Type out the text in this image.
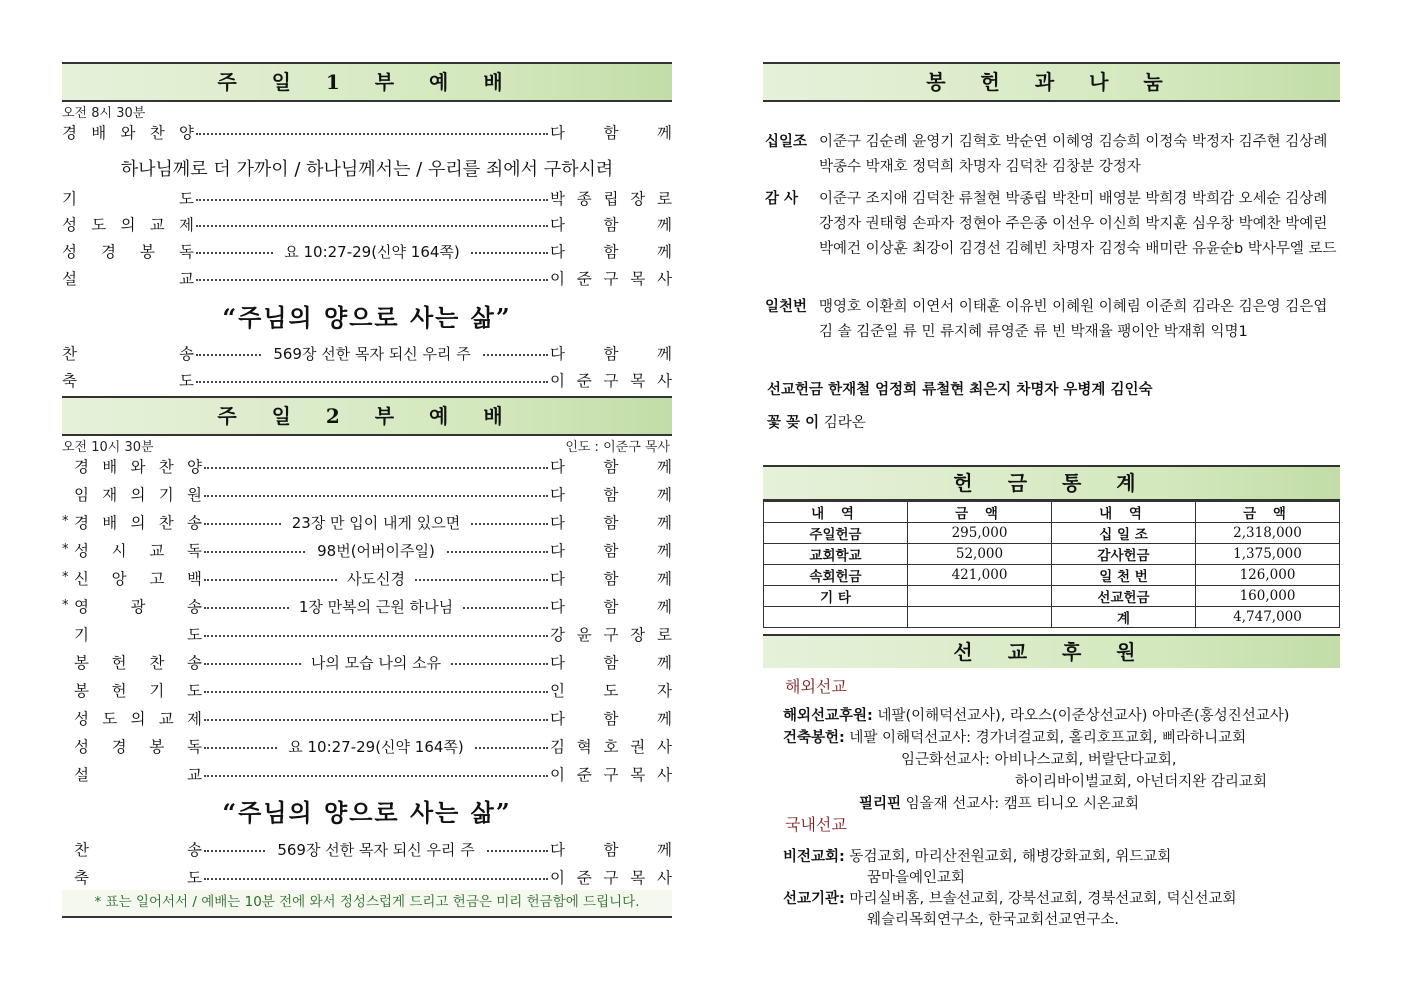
주 일 1 부 예 배
오전 8시 30분
경 배 와 찬 양	다 함 께
기	도	박 종 립 장 로
성 도 의 교 제	다 함 께
성 경 봉 독	요 10:27-29(신약 164쪽)	다 함 께
설	교	이 준 구 목 사
찬	송	569장 선한 목자 되신 우리 주	다 함 께
축	도	이 준 구 목 사
하나님께로 더 가까이 / 하나님께서는 / 우리를 죄에서 구하시려
“주님의 양으로 사는 삶”
주 일 2 부 예 배
오전 10시 30분	인도 : 이준구 목사
경 배 와 찬 양	다 함 께
임 재 의 기 원	다 함 께
* 경 배 의 찬 송	23장 만 입이 내게 있으면	다 함 께
* 성 시 교 독	98번(어버이주일)	다 함 께
* 신 앙 고 백	사도신경	다 함 께
* 영	광	송	1장 만복의 근원 하나님	다 함 께
기	도	강 윤 구 장 로
봉 헌 찬 송	나의 모습 나의 소유	다 함 께
봉 헌 기 도	인 도 자
성 도 의 교 제	다 함 께
성 경 봉 독	요 10:27-29(신약 164쪽)	김 혁 호 권 사
설	교	이 준 구 목 사
찬	송	569장 선한 목자 되신 우리 주	다 함 께
축	도	이 준 구 목 사
“주님의 양으로 사는 삶”
* 표는 일어서서 / 예배는 10분 전에 와서 정성스럽게 드리고 헌금은 미리 헌금함에 드립니다.
봉 헌 과 나 눔
십일조 이준구 김순례 윤영기 김혁호 박순연 이혜영 김승희 이정숙 박정자 김주현 김상례 박종수 박재호 정덕희 차명자 김덕찬 김창분 강정자
감 사 이준구 조지애 김덕찬 류철현 박종립 박찬미 배영분 박희경 박희감 오세순 김상례 강정자 권태형 손파자 정현아 주은종 이선우 이신희 박지훈 심우창 박예찬 박예린 박예건 이상훈 최강이 김경선 김혜빈 차명자 김정숙 배미란 유윤순b 박사무엘 로드
일천번 맹영호 이환희 이연서 이태훈 이유빈 이혜원 이혜림 이준희 김라온 김은영 김은엽 김 솔 김준일 류 민 류지혜 류영준 류 빈 박재율 팽이안 박재휘 익명1
선교헌금 한재철 엄정희 류철현 최은지 차명자 우병계 김인숙
꽃 꽂 이 김라온
헌 금 통 계
내 역	금 액	내 역	금 액
주일헌금	295,000	십 일 조	2,318,000
교회학교	52,000	감사헌금	1,375,000
속회헌금	421,000	일 천 번	126,000
기 타		선교헌금	160,000
		계	4,747,000
선 교 후 원
해외선교
해외선교후원: 네팔(이해덕선교사), 라오스(이준상선교사) 아마존(홍성진선교사)
건축봉헌: 네팔 이해덕선교사: 경가녀걸교회, 홀리호프교회, 삐라하니교회
임근화선교사: 아비나스교회, 버랄단다교회,
하이리바이벌교회, 아넌더지완 감리교회
필리핀 임올재 선교사: 캠프 티니오 시온교회
국내선교
비전교회: 동검교회, 마리산전원교회, 해병강화교회, 위드교회
꿈마을예인교회
선교기관: 마리실버홈, 브솔선교회, 강북선교회, 경북선교회, 덕신선교회
웨슬리목회연구소, 한국교회선교연구소.
